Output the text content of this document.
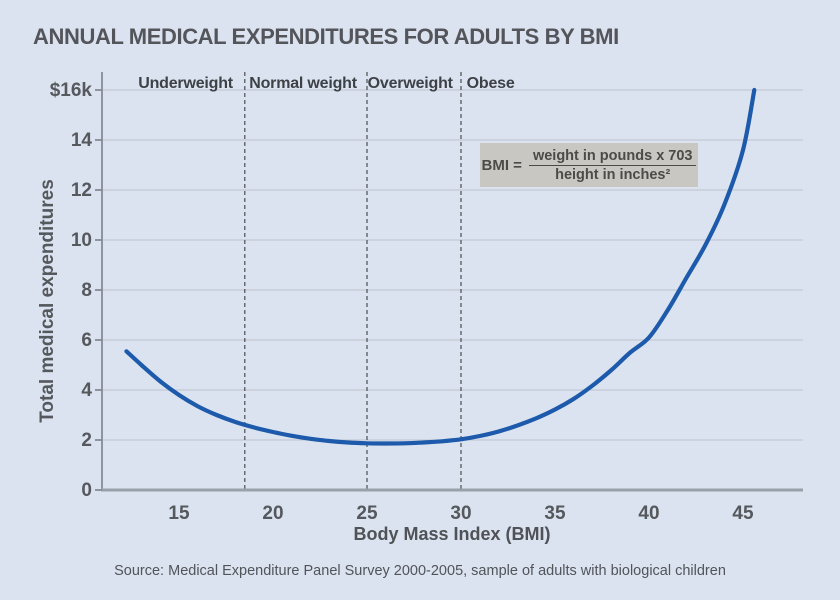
ANNUAL MEDICAL EXPENDITURES FOR ADULTS BY BMI
0
2
4
6
8
10
12
14
$16k
15	20	25	30	35	40	45
Underweight Normal weight Overweight Obese
Total medical expenditures
BMI = $\frac{\text{weight in pounds x 703}}{\text{height in inches²}}$
Body Mass Index (BMI)
Source: Medical Expenditure Panel Survey 2000-2005, sample of adults with biological children
